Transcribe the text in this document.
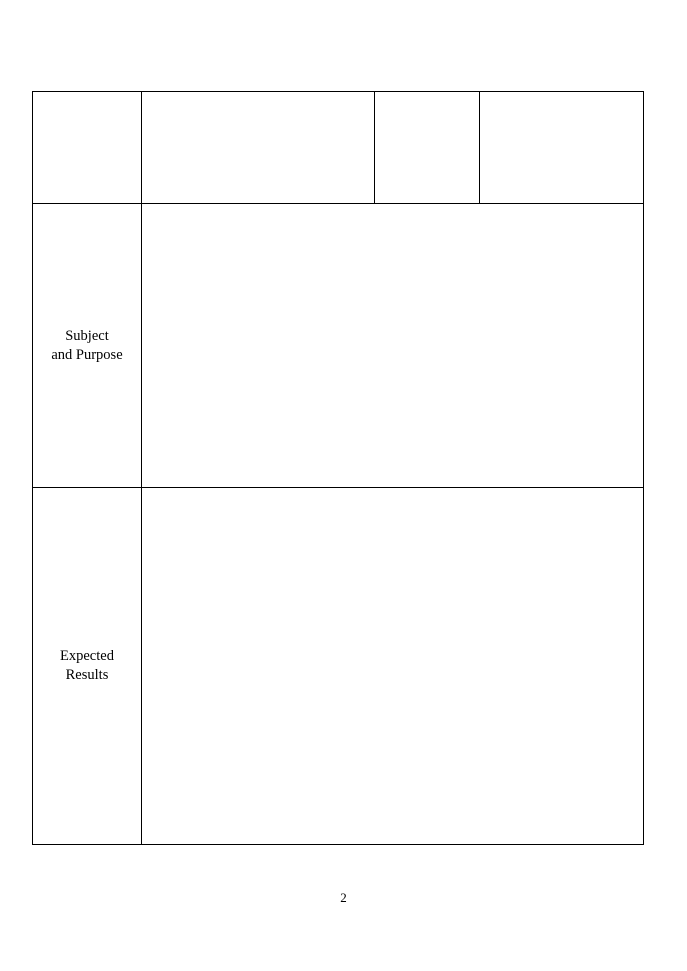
Subject
and Purpose
Expected
Results
2
